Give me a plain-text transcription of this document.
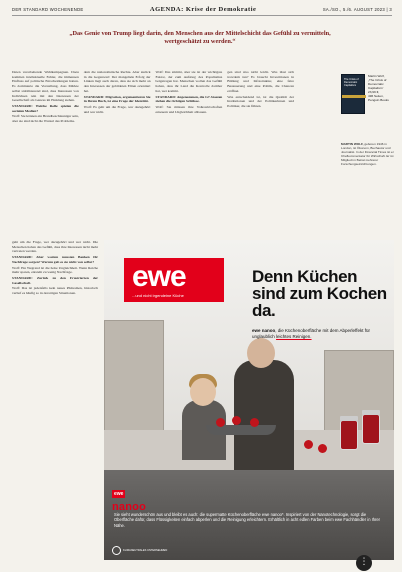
DER STANDARD WOCHENENDE	AGENDA: Krise der Demokratie	SA./SO., 5./6. AUGUST 2023 | 3
„Das Genie von Trump liegt darin, den Menschen aus der Mittelschicht das Gefühl zu vermitteln, wertgeschätzt zu werden.“

Daten verarbeitende Wahlkampagnen. Dazu kommen intellektuelle Fehler, die immensen Einfluss auf politische Entscheidungen hatten. Es dominierte die Vorstellung, dass Märkte selbst stabilisierend sind, dass Interessen von Individuen rein mit den Interessen der Gesellschaft als Ganzes im Einklang stehen.

STANDARD: Welche Rolle spielen die sozialen Medien?

Wolf: Sie können ein Brandbeschleuniger sein, aber sie sind nicht die Wurzel des Problems.

dern die nationalistische Rechte. Aber zurück in die Gegenwart: Der mangelnde Erfolg der Linken liegt auch daran, dass sie sich mehr an den Interessen der gebildeten Eliten orientiert hat.

STANDARD: Migration, argumentieren Sie in Ihrem Buch, ist eine Frage der Identität.

Wolf: Es geht um die Frage, wer dazugehört und wer nicht.

Wolf: Das stimmt, aber sie ist der wichtigste Faktor, der zum Aufstieg des Populismus beigetragen hat. Menschen wollen das Gefühl haben, dass ihr Land die Kontrolle darüber hat, wer kommt.

STANDARD: Angenommen, die G7-Staaten ziehen die richtigen Schlüsse.

Wolf: Sie müssen ihre Volkswirtschaften erneuern und Ungleichheit abbauen.

gen sind also nicht leicht. Was lässt sich trotzdem tun? Es braucht Investitionen in Bildung und Infrastruktur, eine faire Besteuerung und eine Politik, die Chancen eröffnet.

Was entscheidend ist, ist die Qualität der Institutionen und der Politikerinnen und Politiker, die sie führen.

geht um die Frage, wer dazugehört und wer nicht. Die Menschen haben das Gefühl, dass ihre Interessen nicht mehr vertreten werden.

STANDARD: Aber warum mussten Banken für Nachfrage sorgen? Warum gab es sie nicht von selbst?

Wolf: Ein Wegrand ist die hohe Ungleichheit. Wenn Reiche mehr sparen, entsteht zu wenig Nachfrage.

STANDARD: Zurück zu den Frustrierten der Gesellschaft.

Wolf: Das ist jedenfalls kein neues Phänomen, historisch verlief es häufig so in derartigen Situationen.

The Crisis of Democratic Capitalism
Martin Wolf,
„The Crisis of Democratic Capitalism“
23,99 €,
496 Seiten,
Penguin Books
MARTIN WOLF, geboren 1946 in London, ist Ökonom, Buchautor und Journalist. In der Financial Times ist er Chefkommentator für Wirtschaft. Er ist Mitglied im Beirat mehrerer Forschungseinrichtungen.
ewe
...und nicht irgendeine Küche
Denn Küchen sind zum Kochen da.
ewe nanoo, die Küchenoberfläche mit dem Abperleffekt für unglaublich leichtes Reinigen.
ewe
nanoo
Sie sieht wunderschön aus und bleibt es auch: die supermatte Küchenoberfläche ewe nanoo*. Inspiriert von der Nanotechnologie, sorgt die Oberfläche dafür, dass Flüssigkeiten einfach abperlen und die Reinigung erleichtern. Erhältlich in acht edlen Farben beim ewe Fachhändler in Ihrer Nähe.
KLIMANEUTRALES UNTERNEHMEN
⋮
